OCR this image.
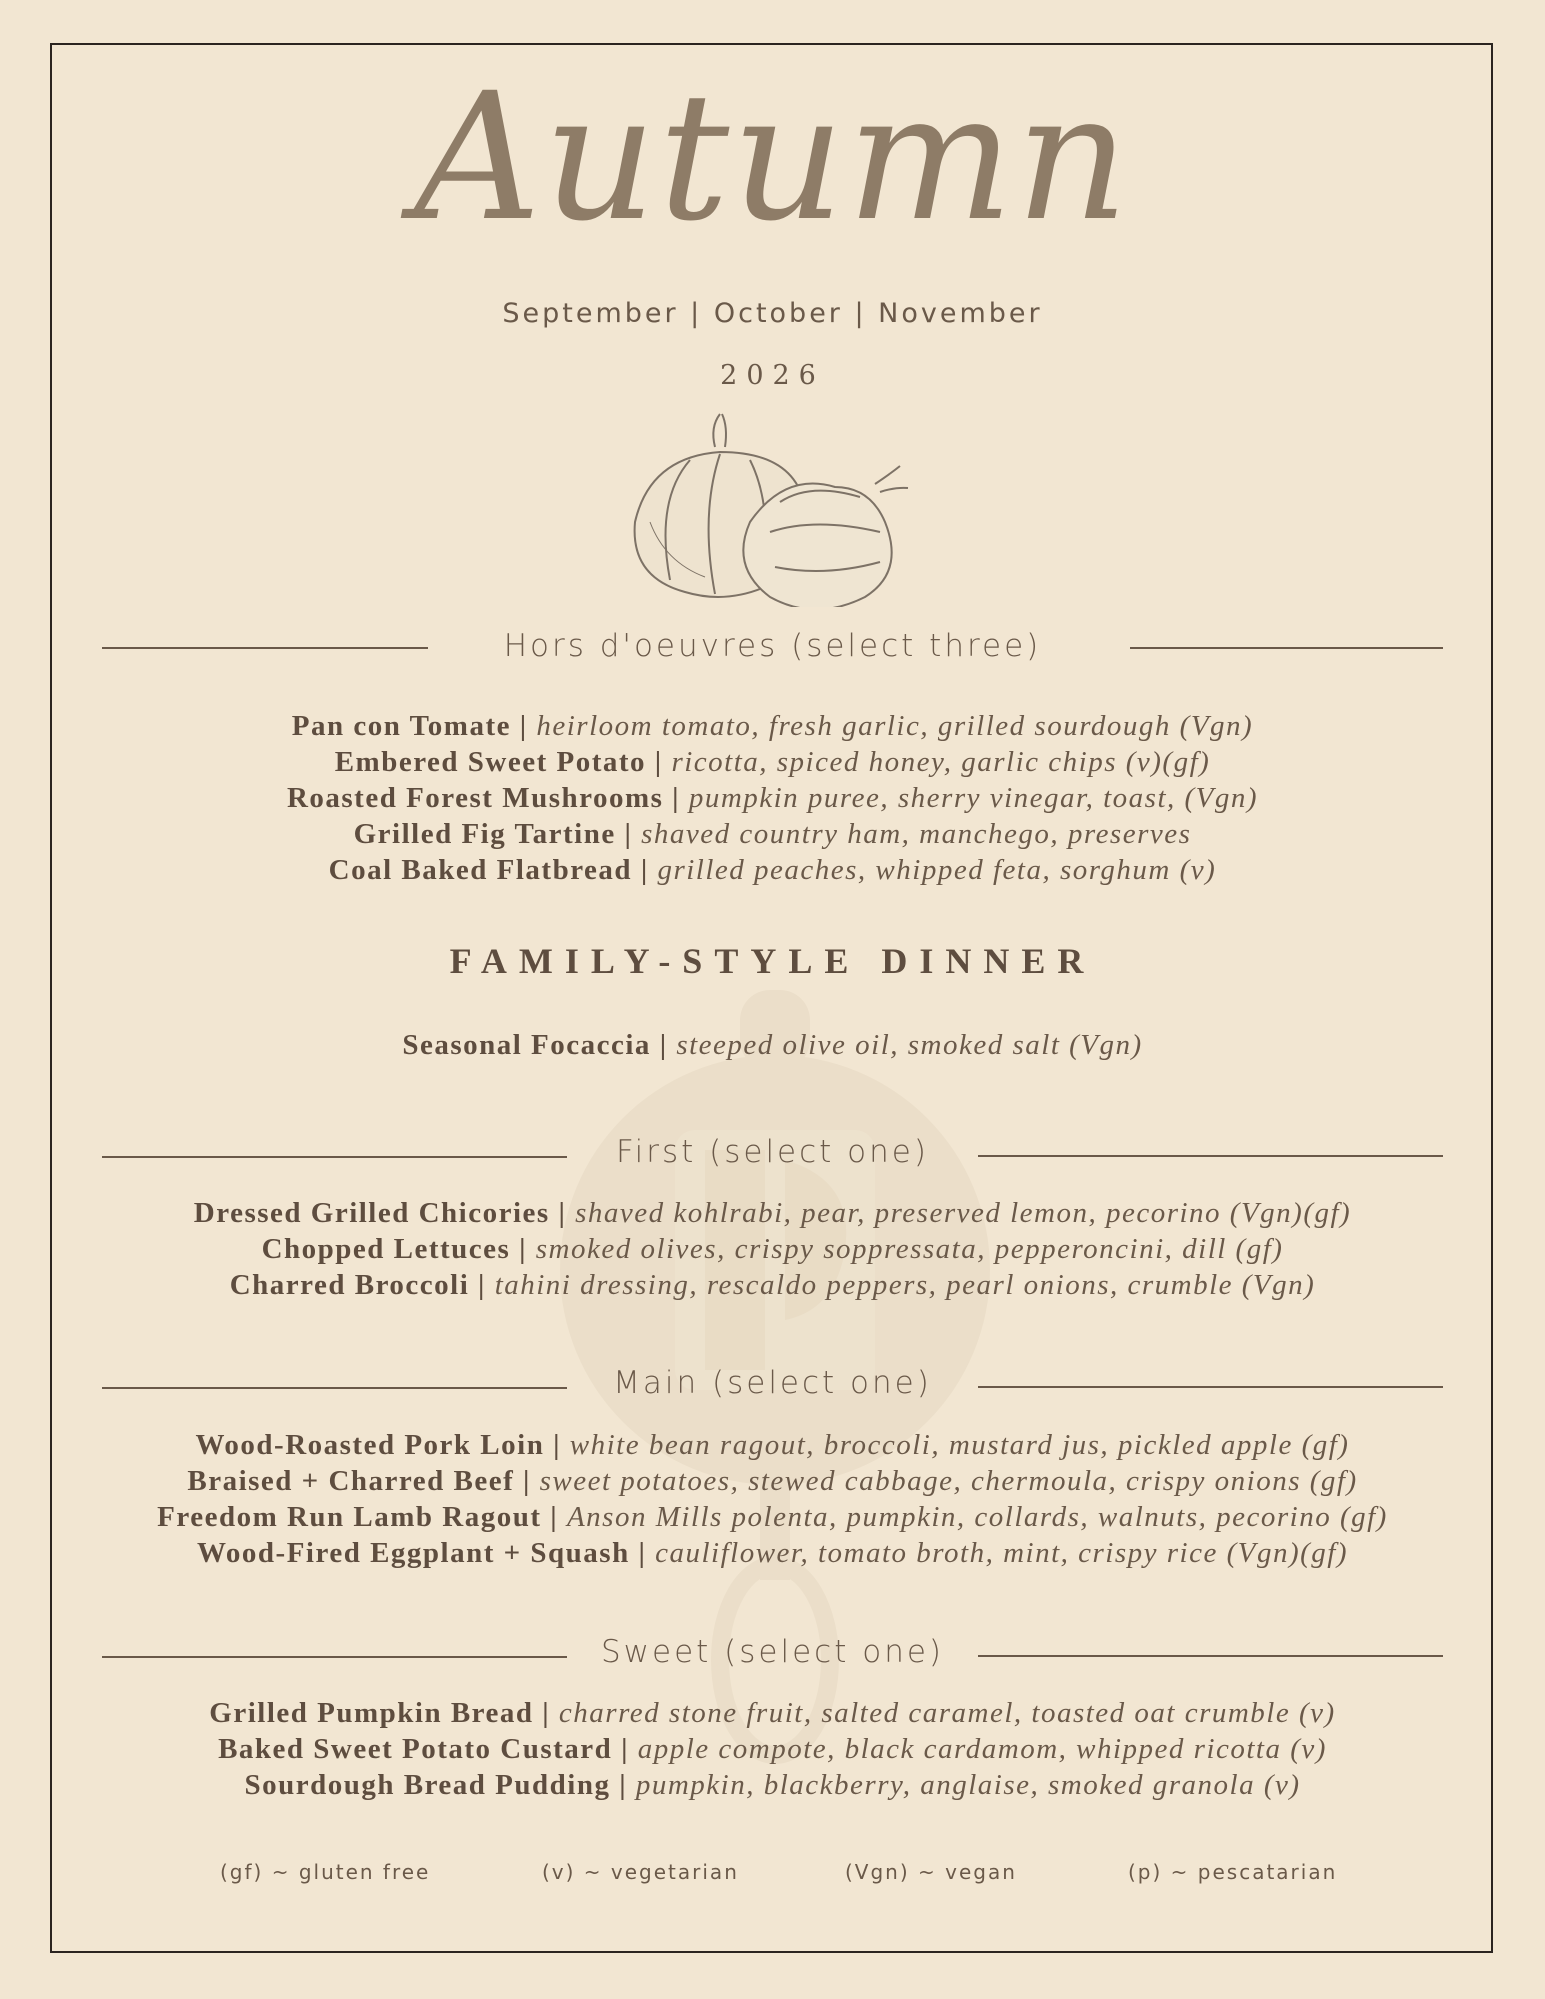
Autumn
September | October | November
2026
Hors d'oeuvres (select three)
Pan con Tomate | heirloom tomato, fresh garlic, grilled sourdough (Vgn)
Embered Sweet Potato | ricotta, spiced honey, garlic chips (v)(gf)
Roasted Forest Mushrooms | pumpkin puree, sherry vinegar, toast, (Vgn)
Grilled Fig Tartine | shaved country ham, manchego, preserves
Coal Baked Flatbread | grilled peaches, whipped feta, sorghum (v)
FAMILY-STYLE DINNER
Seasonal Focaccia | steeped olive oil, smoked salt (Vgn)
First (select one)
Dressed Grilled Chicories | shaved kohlrabi, pear, preserved lemon, pecorino (Vgn)(gf)
Chopped Lettuces | smoked olives, crispy soppressata, pepperoncini, dill (gf)
Charred Broccoli | tahini dressing, rescaldo peppers, pearl onions, crumble (Vgn)
Main (select one)
Wood-Roasted Pork Loin | white bean ragout, broccoli, mustard jus, pickled apple (gf)
Braised + Charred Beef | sweet potatoes, stewed cabbage, chermoula, crispy onions (gf)
Freedom Run Lamb Ragout | Anson Mills polenta, pumpkin, collards, walnuts, pecorino (gf)
Wood-Fired Eggplant + Squash | cauliflower, tomato broth, mint, crispy rice (Vgn)(gf)
Sweet (select one)
Grilled Pumpkin Bread | charred stone fruit, salted caramel, toasted oat crumble (v)
Baked Sweet Potato Custard | apple compote, black cardamom, whipped ricotta (v)
Sourdough Bread Pudding | pumpkin, blackberry, anglaise, smoked granola (v)
(gf) ~ gluten free	(v) ~ vegetarian	(Vgn) ~ vegan	(p) ~ pescatarian
